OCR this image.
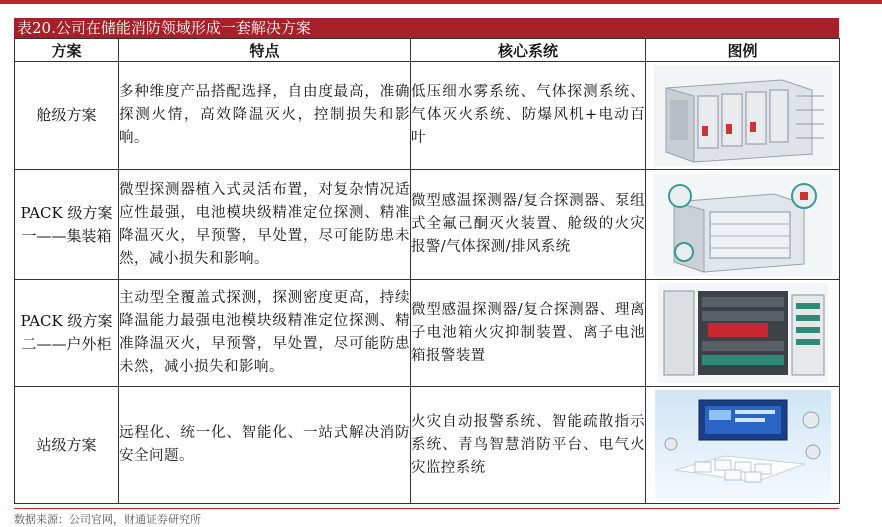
表20.公司在储能消防领域形成一套解决方案
方案	特点	核心系统	图例
舱级方案	多种维度产品搭配选择，自由度最高，准确探测火情，高效降温灭火，控制损失和影响。	低压细水雾系统、气体探测系统、气体灭火系统、防爆风机+电动百叶	

PACK 级方案一——集装箱	微型探测器植入式灵活布置，对复杂情况适应性最强，电池模块级精准定位探测、精准降温灭火，早预警，早处置，尽可能防患未然，减小损失和影响。	微型感温探测器/复合探测器、泵组式全氟己酮灭火装置、舱级的火灾报警/气体探测/排风系统	

PACK 级方案二——户外柜	主动型全覆盖式探测，探测密度更高，持续降温能力最强电池模块级精准定位探测、精准降温灭火，早预警，早处置，尽可能防患未然，减小损失和影响。	微型感温探测器/复合探测器、理离子电池箱火灾抑制装置、离子电池箱报警装置	

站级方案	远程化、统一化、智能化、一站式解决消防安全问题。	火灾自动报警系统、智能疏散指示系统、青鸟智慧消防平台、电气火灾监控系统	
数据来源：公司官网，财通证券研究所
